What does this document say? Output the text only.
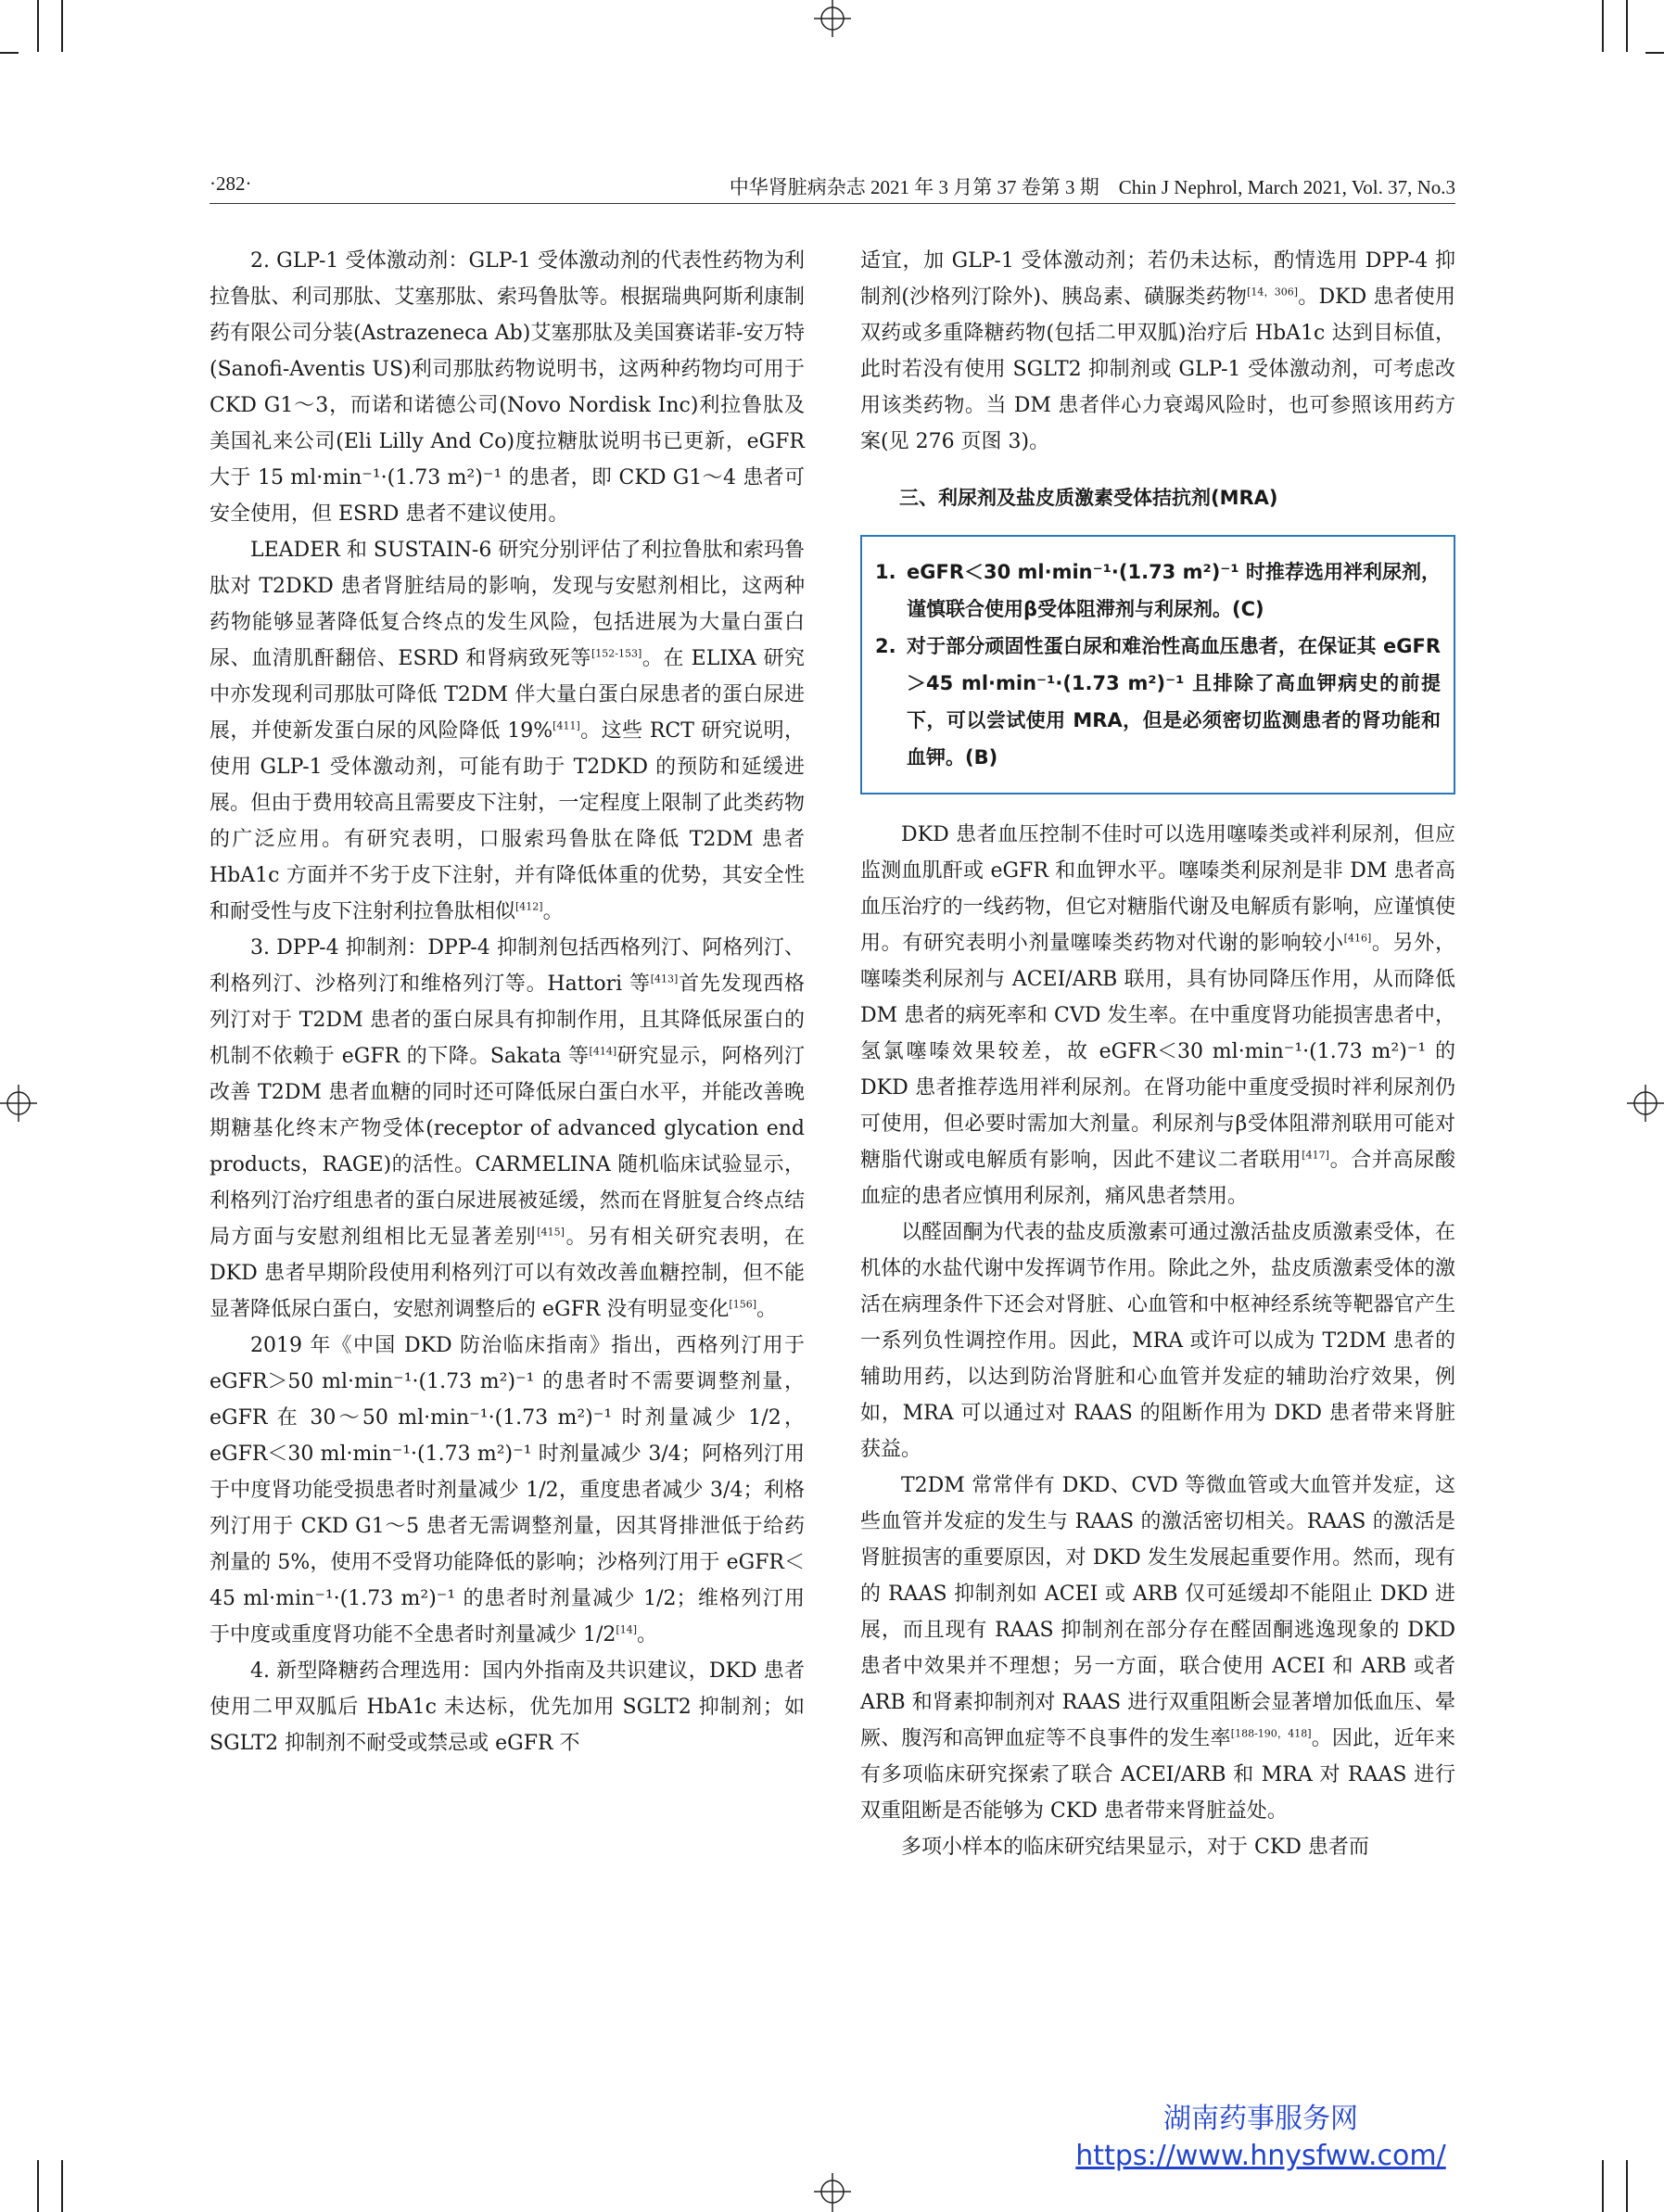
·282·	中华肾脏病杂志 2021 年 3 月第 37 卷第 3 期　Chin J Nephrol, March 2021, Vol. 37, No.3

2. GLP-1 受体激动剂：GLP-1 受体激动剂的代表性药物为利拉鲁肽、利司那肽、艾塞那肽、索玛鲁肽等。根据瑞典阿斯利康制药有限公司分装(Astrazeneca Ab)艾塞那肽及美国赛诺菲-安万特(Sanofi-Aventis US)利司那肽药物说明书，这两种药物均可用于 CKD G1～3，而诺和诺德公司(Novo Nordisk Inc)利拉鲁肽及美国礼来公司(Eli Lilly And Co)度拉糖肽说明书已更新，eGFR 大于 15 ml·min⁻¹·(1.73 m²)⁻¹ 的患者，即 CKD G1～4 患者可安全使用，但 ESRD 患者不建议使用。

LEADER 和 SUSTAIN-6 研究分别评估了利拉鲁肽和索玛鲁肽对 T2DKD 患者肾脏结局的影响，发现与安慰剂相比，这两种药物能够显著降低复合终点的发生风险，包括进展为大量白蛋白尿、血清肌酐翻倍、ESRD 和肾病致死等[152-153]。在 ELIXA 研究中亦发现利司那肽可降低 T2DM 伴大量白蛋白尿患者的蛋白尿进展，并使新发蛋白尿的风险降低 19%[411]。这些 RCT 研究说明，使用 GLP-1 受体激动剂，可能有助于 T2DKD 的预防和延缓进展。但由于费用较高且需要皮下注射，一定程度上限制了此类药物的广泛应用。有研究表明，口服索玛鲁肽在降低 T2DM 患者 HbA1c 方面并不劣于皮下注射，并有降低体重的优势，其安全性和耐受性与皮下注射利拉鲁肽相似[412]。

3. DPP-4 抑制剂：DPP-4 抑制剂包括西格列汀、阿格列汀、利格列汀、沙格列汀和维格列汀等。Hattori 等[413]首先发现西格列汀对于 T2DM 患者的蛋白尿具有抑制作用，且其降低尿蛋白的机制不依赖于 eGFR 的下降。Sakata 等[414]研究显示，阿格列汀改善 T2DM 患者血糖的同时还可降低尿白蛋白水平，并能改善晚期糖基化终末产物受体(receptor of advanced glycation end products，RAGE)的活性。CARMELINA 随机临床试验显示，利格列汀治疗组患者的蛋白尿进展被延缓，然而在肾脏复合终点结局方面与安慰剂组相比无显著差别[415]。另有相关研究表明，在 DKD 患者早期阶段使用利格列汀可以有效改善血糖控制，但不能显著降低尿白蛋白，安慰剂调整后的 eGFR 没有明显变化[156]。

2019 年《中国 DKD 防治临床指南》指出，西格列汀用于 eGFR＞50 ml·min⁻¹·(1.73 m²)⁻¹ 的患者时不需要调整剂量，eGFR 在 30～50 ml·min⁻¹·(1.73 m²)⁻¹ 时剂量减少 1/2，eGFR＜30 ml·min⁻¹·(1.73 m²)⁻¹ 时剂量减少 3/4；阿格列汀用于中度肾功能受损患者时剂量减少 1/2，重度患者减少 3/4；利格列汀用于 CKD G1～5 患者无需调整剂量，因其肾排泄低于给药剂量的 5%，使用不受肾功能降低的影响；沙格列汀用于 eGFR＜45 ml·min⁻¹·(1.73 m²)⁻¹ 的患者时剂量减少 1/2；维格列汀用于中度或重度肾功能不全患者时剂量减少 1/2[14]。

4. 新型降糖药合理选用：国内外指南及共识建议，DKD 患者使用二甲双胍后 HbA1c 未达标，优先加用 SGLT2 抑制剂；如 SGLT2 抑制剂不耐受或禁忌或 eGFR 不

适宜，加 GLP-1 受体激动剂；若仍未达标，酌情选用 DPP-4 抑制剂(沙格列汀除外)、胰岛素、磺脲类药物[14，306]。DKD 患者使用双药或多重降糖药物(包括二甲双胍)治疗后 HbA1c 达到目标值，此时若没有使用 SGLT2 抑制剂或 GLP-1 受体激动剂，可考虑改用该类药物。当 DM 患者伴心力衰竭风险时，也可参照该用药方案(见 276 页图 3)。

三、利尿剂及盐皮质激素受体拮抗剂(MRA)
1. eGFR＜30 ml·min⁻¹·(1.73 m²)⁻¹ 时推荐选用袢利尿剂，谨慎联合使用β受体阻滞剂与利尿剂。(C)
2. 对于部分顽固性蛋白尿和难治性高血压患者，在保证其 eGFR＞45 ml·min⁻¹·(1.73 m²)⁻¹ 且排除了高血钾病史的前提下，可以尝试使用 MRA，但是必须密切监测患者的肾功能和血钾。(B)

DKD 患者血压控制不佳时可以选用噻嗪类或袢利尿剂，但应监测血肌酐或 eGFR 和血钾水平。噻嗪类利尿剂是非 DM 患者高血压治疗的一线药物，但它对糖脂代谢及电解质有影响，应谨慎使用。有研究表明小剂量噻嗪类药物对代谢的影响较小[416]。另外，噻嗪类利尿剂与 ACEI/ARB 联用，具有协同降压作用，从而降低 DM 患者的病死率和 CVD 发生率。在中重度肾功能损害患者中，氢氯噻嗪效果较差，故 eGFR＜30 ml·min⁻¹·(1.73 m²)⁻¹ 的 DKD 患者推荐选用袢利尿剂。在肾功能中重度受损时袢利尿剂仍可使用，但必要时需加大剂量。利尿剂与β受体阻滞剂联用可能对糖脂代谢或电解质有影响，因此不建议二者联用[417]。合并高尿酸血症的患者应慎用利尿剂，痛风患者禁用。

以醛固酮为代表的盐皮质激素可通过激活盐皮质激素受体，在机体的水盐代谢中发挥调节作用。除此之外，盐皮质激素受体的激活在病理条件下还会对肾脏、心血管和中枢神经系统等靶器官产生一系列负性调控作用。因此，MRA 或许可以成为 T2DM 患者的辅助用药，以达到防治肾脏和心血管并发症的辅助治疗效果，例如，MRA 可以通过对 RAAS 的阻断作用为 DKD 患者带来肾脏获益。

T2DM 常常伴有 DKD、CVD 等微血管或大血管并发症，这些血管并发症的发生与 RAAS 的激活密切相关。RAAS 的激活是肾脏损害的重要原因，对 DKD 发生发展起重要作用。然而，现有的 RAAS 抑制剂如 ACEI 或 ARB 仅可延缓却不能阻止 DKD 进展，而且现有 RAAS 抑制剂在部分存在醛固酮逃逸现象的 DKD 患者中效果并不理想；另一方面，联合使用 ACEI 和 ARB 或者 ARB 和肾素抑制剂对 RAAS 进行双重阻断会显著增加低血压、晕厥、腹泻和高钾血症等不良事件的发生率[188-190，418]。因此，近年来有多项临床研究探索了联合 ACEI/ARB 和 MRA 对 RAAS 进行双重阻断是否能够为 CKD 患者带来肾脏益处。

多项小样本的临床研究结果显示，对于 CKD 患者而

湖南药事服务网
https://www.hnysfww.com/
